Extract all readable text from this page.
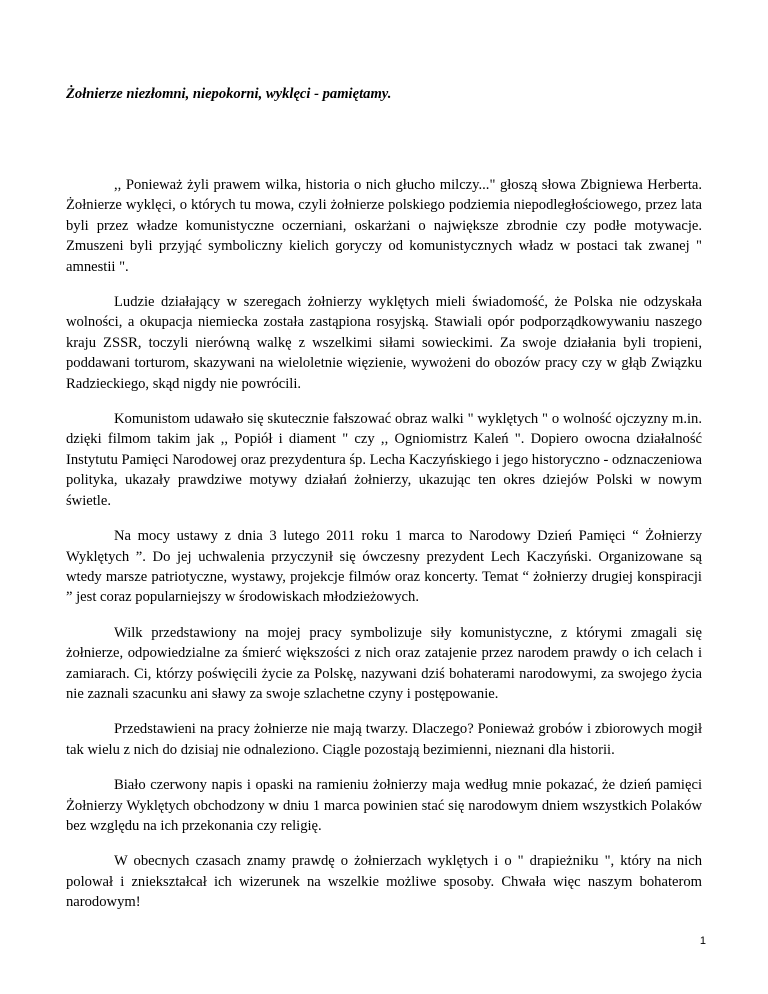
Żołnierze niezłomni, niepokorni, wyklęci - pamiętamy.

,, Ponieważ żyli prawem wilka, historia o nich głucho milczy..." głoszą słowa Zbigniewa Herberta. Żołnierze wyklęci, o których tu mowa, czyli żołnierze polskiego podziemia niepodległościowego, przez lata byli przez władze komunistyczne oczerniani, oskarżani o największe zbrodnie czy podłe motywacje. Zmuszeni byli przyjąć symboliczny kielich goryczy od komunistycznych władz w postaci tak zwanej " amnestii ".

Ludzie działający w szeregach żołnierzy wyklętych mieli świadomość, że Polska nie odzyskała wolności, a okupacja niemiecka została zastąpiona rosyjską. Stawiali opór podporządkowywaniu naszego kraju ZSSR, toczyli nierówną walkę z wszelkimi siłami sowieckimi. Za swoje działania byli tropieni, poddawani torturom, skazywani na wieloletnie więzienie, wywożeni do obozów pracy czy w głąb Związku Radzieckiego, skąd nigdy nie powrócili.

Komunistom udawało się skutecznie fałszować obraz walki " wyklętych " o wolność ojczyzny m.in. dzięki filmom takim jak ,, Popiół i diament " czy ,, Ogniomistrz Kaleń ". Dopiero owocna działalność Instytutu Pamięci Narodowej oraz prezydentura śp. Lecha Kaczyńskiego i jego historyczno - odznaczeniowa polityka, ukazały prawdziwe motywy działań żołnierzy, ukazując ten okres dziejów Polski w nowym świetle.

Na mocy ustawy z dnia 3 lutego 2011 roku 1 marca to Narodowy Dzień Pamięci “ Żołnierzy Wyklętych ”. Do jej uchwalenia przyczynił się ówczesny prezydent Lech Kaczyński. Organizowane są wtedy marsze patriotyczne, wystawy, projekcje filmów oraz koncerty. Temat “ żołnierzy drugiej konspiracji ” jest coraz popularniejszy w środowiskach młodzieżowych.

Wilk przedstawiony na mojej pracy symbolizuje siły komunistyczne, z którymi zmagali się żołnierze, odpowiedzialne za śmierć większości z nich oraz zatajenie przez narodem prawdy o ich celach i zamiarach. Ci, którzy poświęcili życie za Polskę, nazywani dziś bohaterami narodowymi, za swojego życia nie zaznali szacunku ani sławy za swoje szlachetne czyny i postępowanie.

Przedstawieni na pracy żołnierze nie mają twarzy. Dlaczego? Ponieważ grobów i zbiorowych mogił tak wielu z nich do dzisiaj nie odnaleziono. Ciągle pozostają bezimienni, nieznani dla historii.

Biało czerwony napis i opaski na ramieniu żołnierzy maja według mnie pokazać, że dzień pamięci Żołnierzy Wyklętych obchodzony w dniu 1 marca powinien stać się narodowym dniem wszystkich Polaków bez względu na ich przekonania czy religię.

W obecnych czasach znamy prawdę o żołnierzach wyklętych i o " drapieżniku ", który na nich polował i zniekształcał ich wizerunek na wszelkie możliwe sposoby. Chwała więc naszym bohaterom narodowym!

1
